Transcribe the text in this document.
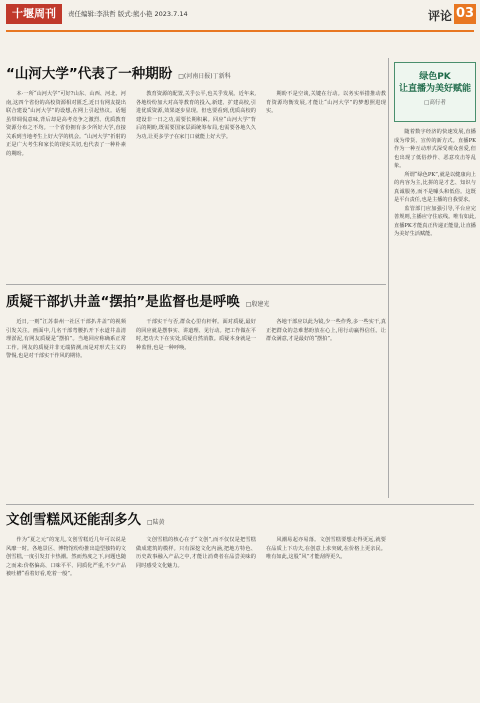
十堰周刊	责任编辑:李洪哲 版式:熊小艳 2023.7.14	评论 03
“山河大学”代表了一种期盼 □(河南日报)丁新科

本·一所“山河大学”可好?山东、山西、河北、河南,这四个省份的高校资源相对匮乏,近日有网友提出联合建设“山河大学”的设想,在网上引起热议。话题虽带调侃意味,背后却是高考竞争之激烈、优质教育资源分布之不均。一个省份拥有多少所好大学,直接关系到当地考生上好大学的机会。“山河大学”折射的正是广大考生和家长的现实关切,也代表了一种朴素的期盼。

教育资源的配置,关乎公平,也关乎发展。近年来,各地纷纷加大对高等教育的投入,新建、扩建高校,引进优质资源,效果逐步显现。但也要看到,优质高校的建设非一日之功,需要长期积累。回应“山河大学”背后的期盼,既需要国家层面统筹布局,也需要各地久久为功,让更多学子在家门口就能上好大学。

期盼不是空谈,关键在行动。以务实举措推动教育资源均衡发展,才能让“山河大学”的梦想照进现实。

质疑干部扒井盖“摆拍”是监督也是呼唤 □殷建光

近日,一则“江苏泰州一社区干部扒井盖”的视频引发关注。画面中,几名干部弯腰扒开下水道井盖清理淤泥,有网友质疑是“摆拍”。当地回应称确系正常工作。网友的质疑并非无端猜测,而是对形式主义的警惕,也是对干部实干作风的期待。

干部实干与否,群众心里有杆秤。面对质疑,最好的回应就是摆事实、讲道理、见行动。把工作做在平时,把功夫下在实处,质疑自然消散。质疑本身就是一种监督,也是一种呼唤。

各地干部应以此为镜,少一些作秀,多一些实干,真正把群众的急难愁盼放在心上,用行动赢得信任。让群众满意,才是最好的“摆拍”。

文创雪糕风还能刮多久 □陆黄

作为“夏之元”的宠儿,文创雪糕近几年可以说是风靡一时。各地景区、博物馆纷纷推出造型独特的文创雪糕,一度引发打卡热潮。然而热度之下,问题也随之而来:价格偏高、口味平平、同质化严重,不少产品被吐槽“看着好看,吃着一般”。

文创雪糕的核心在于“文创”,而不仅仅是把雪糕做成建筑的模样。只有深挖文化内涵,把地方特色、历史故事融入产品之中,才能让消费者在品尝美味的同时感受文化魅力。

风潮易起亦易落。文创雪糕要想走得更远,就要在品质上下功夫,在创意上求突破,在价格上更亲民。唯有如此,这股“风”才能刮得更久。

绿色PK
让直播为美好赋能
□高行者

随着数字经济的快速发展,直播成为带货、宣传的新方式。直播PK作为一种互动形式深受观众喜爱,但也出现了低俗炒作、恶意攻击等乱象。

所谓“绿色PK”,就是以健康向上的内容为主,比拼的是才艺、知识与真诚服务,而不是噱头和低俗。这既是平台责任,也是主播的自我要求。

监管部门应加强引导,平台应完善规则,主播应守住底线。唯有如此,直播PK才能真正传递正能量,让直播为美好生活赋能。
